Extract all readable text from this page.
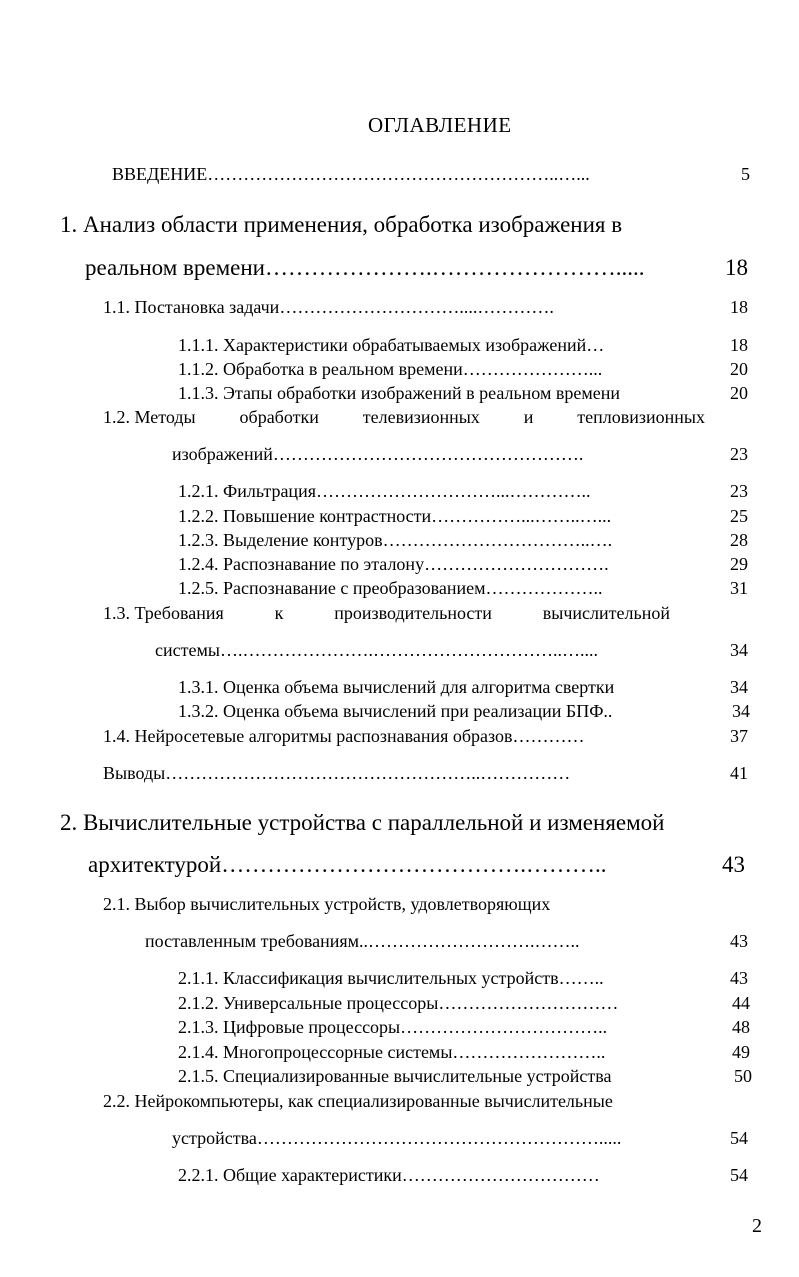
ОГЛАВЛЕНИЕ
ВВЕДЕНИЕ…………………………………………………..…...	5
1. Анализ области применения, обработка изображения в
реальном времени………………….…………………….....	18
1.1. Постановка задачи…………………………....………….	18
1.1.1. Характеристики обрабатываемых изображений…	18
1.1.2. Обработка в реальном времени…………………...	20
1.1.3. Этапы обработки изображений в реальном времени	20
1.2. Методы обработки телевизионных и тепловизионных
изображений…………………………………………….	23
1.2.1. Фильтрация…………………………...…………..	23
1.2.2. Повышение контрастности……………...……..…...	25
1.2.3. Выделение контуров……………………………..….	28
1.2.4. Распознавание по эталону………………………….	29
1.2.5. Распознавание с преобразованием………………..	31
1.3. Требования	к	производительности	вычислительной
системы….………………….…………………………..…....	34
1.3.1. Оценка объема вычислений для алгоритма свертки	34
1.3.2. Оценка объема вычислений при реализации БПФ..	34
1.4. Нейросетевые алгоритмы распознавания образов…………	37
Выводы……………………………………………..……………	41
2. Вычислительные устройства с параллельной и изменяемой
архитектурой………………………………….………..	43
2.1. Выбор вычислительных устройств, удовлетворяющих
поставленным требованиям..……………………….……..	43
2.1.1. Классификация вычислительных устройств……..	43
2.1.2. Универсальные процессоры…………………………	44
2.1.3. Цифровые процессоры……………………………..	48
2.1.4. Многопроцессорные системы……………………..	49
2.1.5. Специализированные вычислительные устройства	50
2.2. Нейрокомпьютеры, как специализированные вычислительные
устройства………………………………………………….....	54
2.2.1. Общие характеристики……………………………	54
2
